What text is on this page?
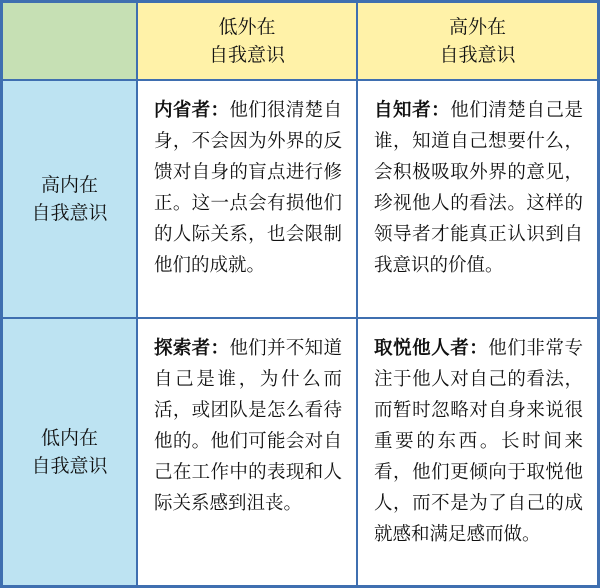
低外在
自我意识
高外在
自我意识
高内在
自我意识
内省者：他们很清楚自身，不会因为外界的反馈对自身的盲点进行修正。这一点会有损他们的人际关系，也会限制他们的成就。
自知者：他们清楚自己是谁，知道自己想要什么，会积极吸取外界的意见，珍视他人的看法。这样的领导者才能真正认识到自我意识的价值。
低内在
自我意识
探索者：他们并不知道自己是谁，为什么而活，或团队是怎么看待他的。他们可能会对自己在工作中的表现和人际关系感到沮丧。
取悦他人者：他们非常专注于他人对自己的看法，而暂时忽略对自身来说很重要的东西。长时间来看，他们更倾向于取悦他人，而不是为了自己的成就感和满足感而做。
